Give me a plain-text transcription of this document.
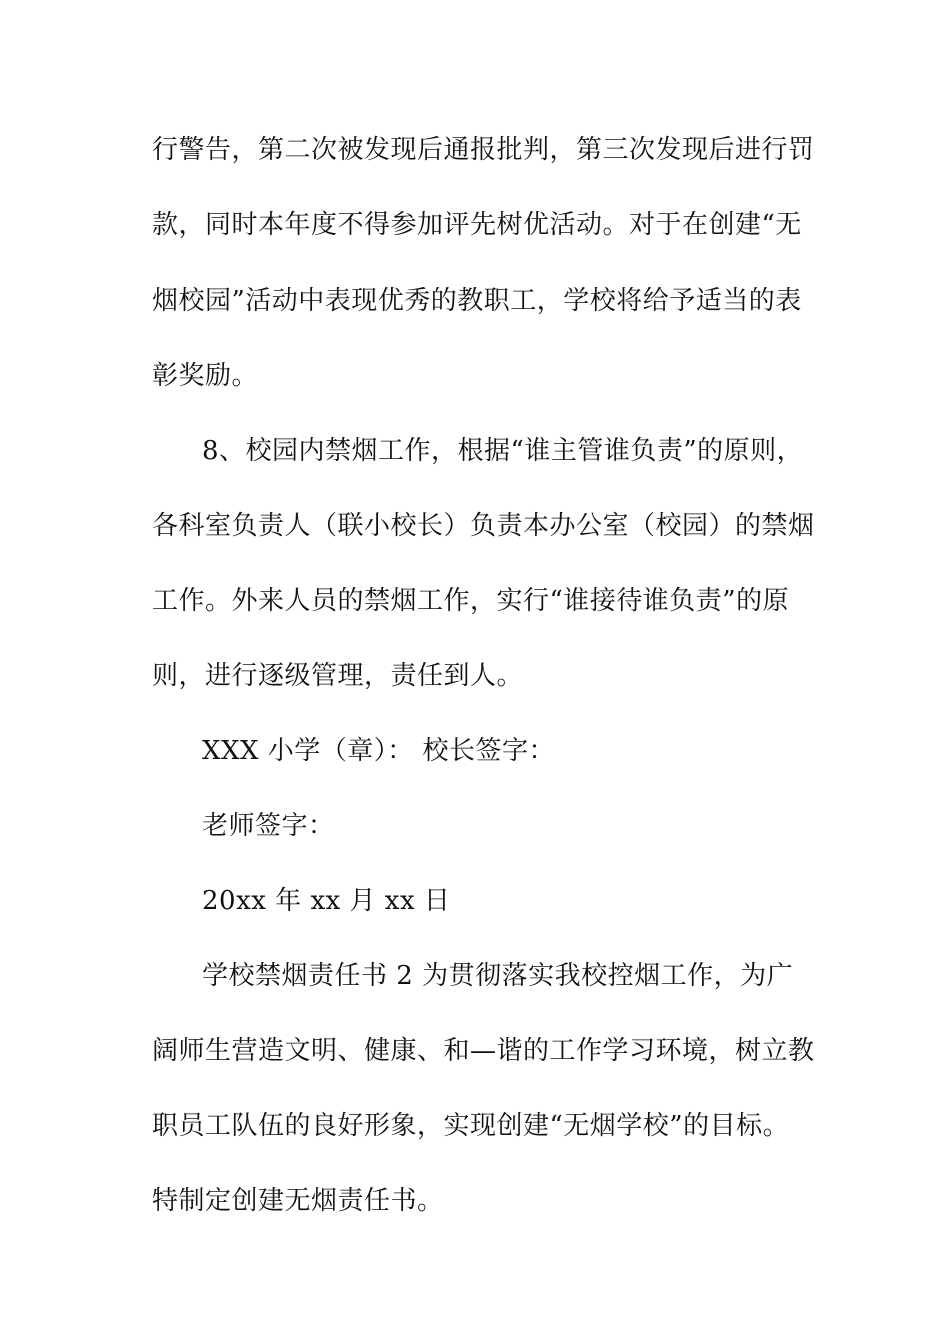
行警告，第二次被发现后通报批判，第三次发现后进行罚
款，同时本年度不得参加评先树优活动。对于在创建“无
烟校园”活动中表现优秀的教职工，学校将给予适当的表
彰奖励。
8、校园内禁烟工作，根据“谁主管谁负责”的原则，
各科室负责人（联小校长）负责本办公室（校园）的禁烟
工作。外来人员的禁烟工作，实行“谁接待谁负责”的原
则，进行逐级管理，责任到人。
XXX 小学（章）： 校长签字：
老师签字：
20xx 年 xx 月 xx 日
学校禁烟责任书 2 为贯彻落实我校控烟工作，为广
阔师生营造文明、健康、和—谐的工作学习环境，树立教
职员工队伍的良好形象，实现创建“无烟学校”的目标。
特制定创建无烟责任书。
